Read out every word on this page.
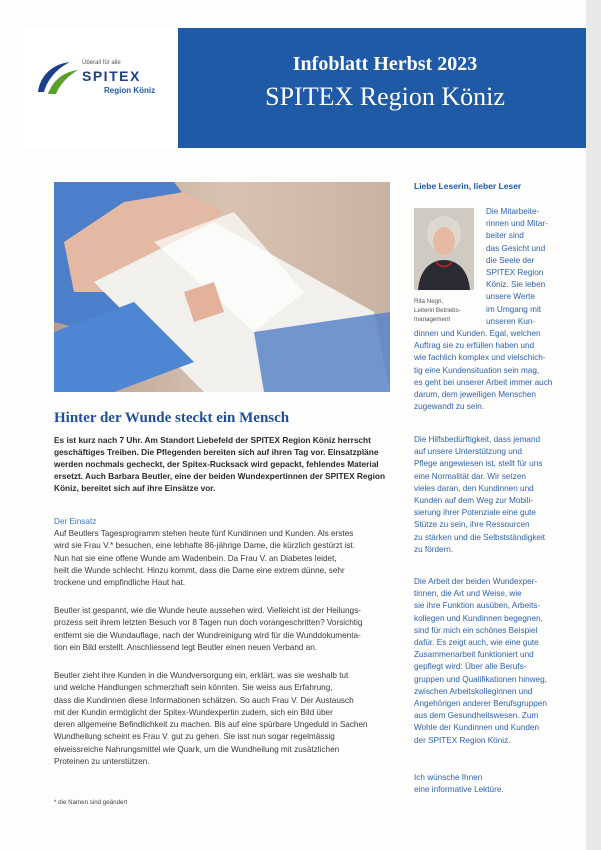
Überall für alle
SPITEX
Region Köniz
Infoblatt Herbst 2023
SPITEX Region Köniz
Hinter der Wunde steckt ein Mensch
Es ist kurz nach 7 Uhr. Am Standort Liebefeld der SPITEX Region Köniz herrscht geschäftiges Treiben. Die Pflegenden bereiten sich auf ihren Tag vor. Einsatzpläne werden nochmals gecheckt, der Spitex-Rucksack wird gepackt, fehlendes Material ersetzt. Auch Barbara Beutler, eine der beiden Wundexpertinnen der SPITEX Region Köniz, bereitet sich auf ihre Einsätze vor.
Der Einsatz
Auf Beutlers Tagesprogramm stehen heute fünf Kundinnen und Kunden. Als erstes
wird sie Frau V.* besuchen, eine lebhafte 86-jährige Dame, die kürzlich gestürzt ist.
Nun hat sie eine offene Wunde am Wadenbein. Da Frau V. an Diabetes leidet,
heilt die Wunde schlecht. Hinzu kommt, dass die Dame eine extrem dünne, sehr
trockene und empfindliche Haut hat.
Beutler ist gespannt, wie die Wunde heute aussehen wird. Vielleicht ist der Heilungs-
prozess seit ihrem letzten Besuch vor 8 Tagen nun doch vorangeschritten? Vorsichtig
entfernt sie die Wundauflage, nach der Wundreinigung wird für die Wunddokumenta-
tion ein Bild erstellt. Anschliessend legt Beutler einen neuen Verband an.
Beutler zieht ihre Kunden in die Wundversorgung ein, erklärt, was sie weshalb tut
und welche Handlungen schmerzhaft sein könnten. Sie weiss aus Erfahrung,
dass die Kundinnen diese Informationen schätzen. So auch Frau V. Der Austausch
mit der Kundin ermöglicht der Spitex-Wundexpertin zudem, sich ein Bild über
deren allgemeine Befindlichkeit zu machen. Bis auf eine spürbare Ungeduld in Sachen
Wundheilung scheint es Frau V. gut zu gehen. Sie isst nun sogar regelmässig
eiweissreiche Nahrungsmittel wie Quark, um die Wundheilung mit zusätzlichen
Proteinen zu unterstützen.
* die Namen sind geändert
Liebe Leserin, lieber Leser
Rita Negri,
Leiterin Betriebs-
management
Die Mitarbeite-
rinnen und Mitar-
beiter sind
das Gesicht und
die Seele der
SPITEX Region
Köniz. Sie leben
unsere Werte
im Umgang mit
unseren Kun-
dinnen und Kunden. Egal, welchen
Auftrag sie zu erfüllen haben und
wie fachlich komplex und vielschich-
tig eine Kundensituation sein mag,
es geht bei unserer Arbeit immer auch
darum, dem jeweiligen Menschen
zugewandt zu sein.
Die Hilfsbedürftigkeit, dass jemand
auf unsere Unterstützung und
Pflege angewiesen ist, stellt für uns
eine Normalität dar. Wir setzen
vieles daran, den Kundinnen und
Kunden auf dem Weg zur Mobili-
sierung ihrer Potenziale eine gute
Stütze zu sein, ihre Ressourcen
zu stärken und die Selbstständigkeit
zu fördern.
Die Arbeit der beiden Wundexper-
tinnen, die Art und Weise, wie
sie ihre Funktion ausüben, Arbeits-
kollegen und Kundinnen begegnen,
sind für mich ein schönes Beispiel
dafür. Es zeigt auch, wie eine gute
Zusammenarbeit funktioniert und
gepflegt wird: Über alle Berufs-
gruppen und Qualifikationen hinweg,
zwischen Arbeitskolleginnen und
Angehörigen anderer Berufsgruppen
aus dem Gesundheitswesen. Zum
Wohle der Kundinnen und Kunden
der SPITEX Region Köniz.
Ich wünsche Ihnen
eine informative Lektüre.
